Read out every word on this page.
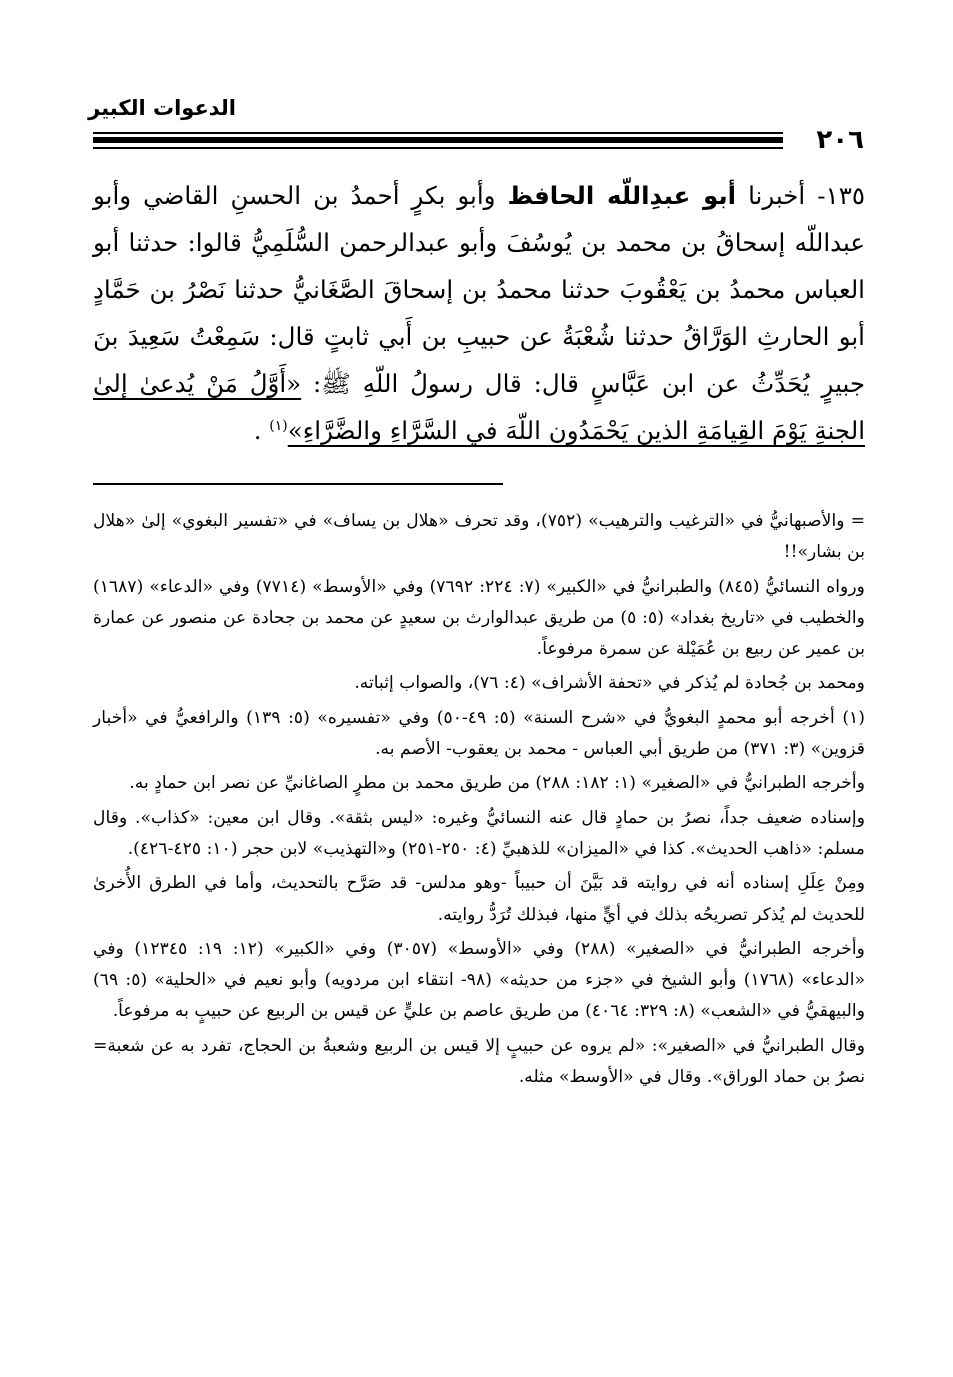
الدعوات الكبير
٢٠٦
١٣٥- أخبرنا أبو عبدِاللّه الحافظ وأبو بكرٍ أحمدُ بن الحسنِ القاضي وأبو عبداللّه إسحاقُ بن محمد بن يُوسُفَ وأبو عبدالرحمن السُّلَمِيُّ قالوا: حدثنا أبو العباس محمدُ بن يَعْقُوبَ حدثنا محمدُ بن إسحاقَ الصَّغَانيُّ حدثنا نَصْرُ بن حَمَّادٍ أبو الحارثِ الوَرَّاقُ حدثنا شُعْبَةُ عن حبيبِ بن أَبي ثابتٍ قال: سَمِعْتُ سَعِيدَ بنَ جبيرٍ يُحَدِّثُ عن ابن عَبَّاسٍ قال: قال رسولُ اللّهِ ﷺ: «أَوَّلُ مَنْ يُدعىٰ إلىٰ الجنةِ يَوْمَ القِيامَةِ الذين يَحْمَدُون اللّهَ في السَّرَّاءِ والضَّرَّاءِ»$^{(١)}$ .

= والأصبهانيُّ في «الترغيب والترهيب» (٧٥٢)، وقد تحرف «هلال بن يساف» في «تفسير البغوي» إلىٰ «هلال بن بشار»!!

ورواه النسائيُّ (٨٤٥) والطبرانيُّ في «الكبير» (٧: ٢٢٤: ٧٦٩٢) وفي «الأوسط» (٧٧١٤) وفي «الدعاء» (١٦٨٧) والخطيب في «تاريخ بغداد» (٥: ٥) من طريق عبدالوارث بن سعيدٍ عن محمد بن جحادة عن منصور عن عمارة بن عمير عن ربيع بن عُمَيْلة عن سمرة مرفوعاً.

ومحمد بن جُحادة لم يُذكر في «تحفة الأشراف» (٤: ٧٦)، والصواب إثباته.

(١) أخرجه أبو محمدٍ البغويُّ في «شرح السنة» (٥: ٤٩-٥٠) وفي «تفسيره» (٥: ١٣٩) والرافعيُّ في «أخبار قزوين» (٣: ٣٧١) من طريق أبي العباس - محمد بن يعقوب- الأصم به.

وأخرجه الطبرانيُّ في «الصغير» (١: ١٨٢: ٢٨٨) من طريق محمد بن مطرٍ الصاغانيِّ عن نصر ابن حمادٍ به.

وإسناده ضعيف جداً، نصرُ بن حمادٍ قال عنه النسائيُّ وغيره: «ليس بثقة». وقال ابن معين: «كذاب». وقال مسلم: «ذاهب الحديث». كذا في «الميزان» للذهبيِّ (٤: ٢٥٠-٢٥١) و«التهذيب» لابن حجر (١٠: ٤٢٥-٤٢٦).

ومِنْ عِلَلِ إسناده أنه في روايته قد بَيَّنَ أن حبيباً -وهو مدلس- قد صَرَّح بالتحديث، وأما في الطرق الأُخرىٰ للحديث لم يُذكر تصريحُه بذلك في أيٍّ منها، فبذلك تُرَدُّ روايته.

وأخرجه الطبرانيُّ في «الصغير» (٢٨٨) وفي «الأوسط» (٣٠٥٧) وفي «الكبير» (١٢: ١٩: ١٢٣٤٥) وفي «الدعاء» (١٧٦٨) وأبو الشيخ في «جزء من حديثه» (٩٨- انتقاء ابن مردويه) وأبو نعيم في «الحلية» (٥: ٦٩) والبيهقيُّ في «الشعب» (٨: ٣٢٩: ٤٠٦٤) من طريق عاصم بن عليٍّ عن قيس بن الربيع عن حبيبٍ به مرفوعاً.

وقال الطبرانيُّ في «الصغير»: «لم يروه عن حبيبٍ إلا قيس بن الربيع وشعبةُ بن الحجاج، تفرد به عن شعبة نصرُ بن حماد الوراق». وقال في «الأوسط» مثله.
=
